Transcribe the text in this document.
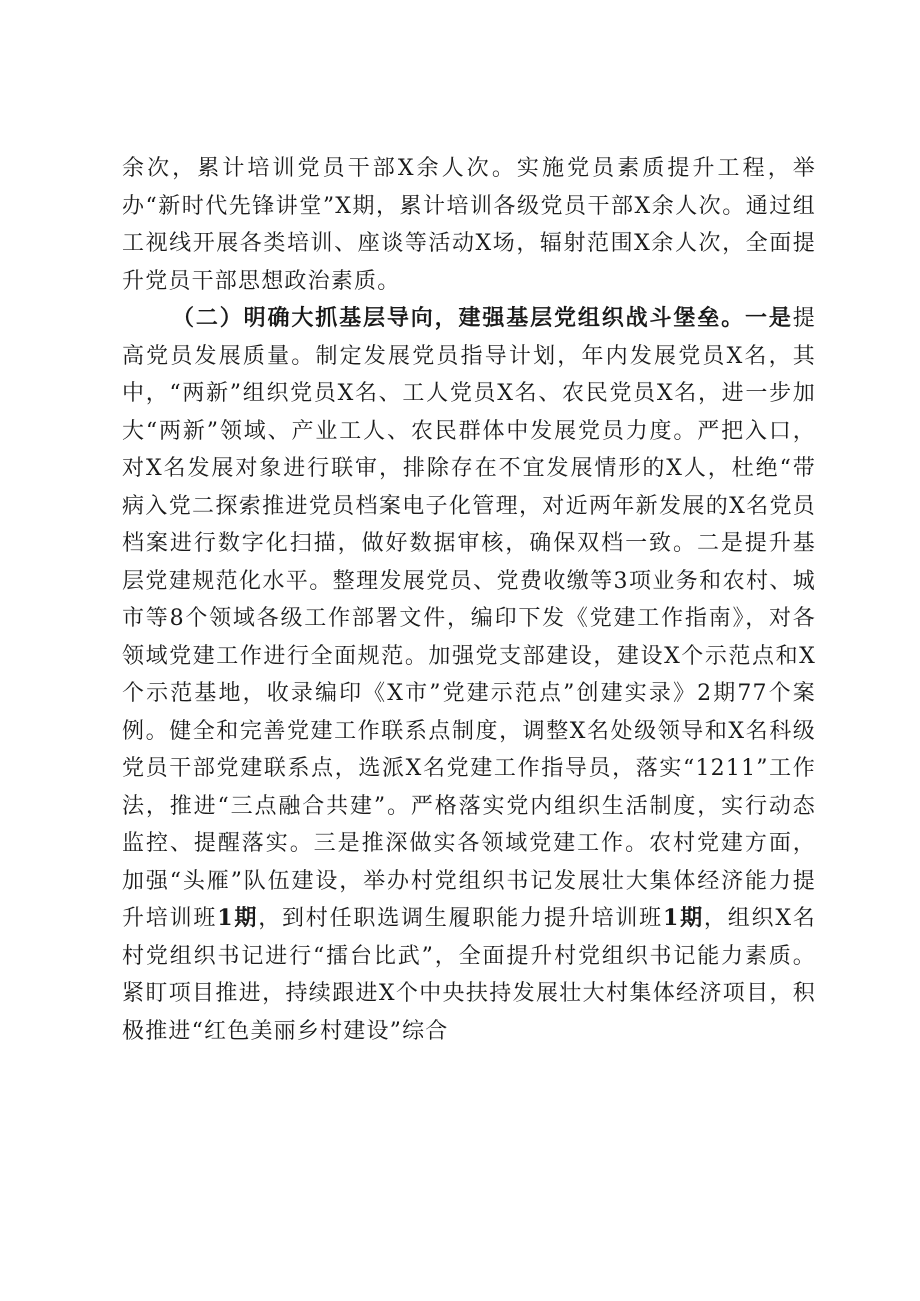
余次，累计培训党员干部X余人次。实施党员素质提升工程，举办“新时代先锋讲堂”X期，累计培训各级党员干部X余人次。通过组工视线开展各类培训、座谈等活动X场，辐射范围X余人次，全面提升党员干部思想政治素质。

（二）明确大抓基层导向，建强基层党组织战斗堡垒。一是提高党员发展质量。制定发展党员指导计划，年内发展党员X名，其中，“两新”组织党员X名、工人党员X名、农民党员X名，进一步加大“两新”领域、产业工人、农民群体中发展党员力度。严把入口，对X名发展对象进行联审，排除存在不宜发展情形的X人，杜绝“带病入党二探索推进党员档案电子化管理，对近两年新发展的X名党员档案进行数字化扫描，做好数据审核，确保双档一致。二是提升基层党建规范化水平。整理发展党员、党费收缴等3项业务和农村、城市等8个领域各级工作部署文件，编印下发《党建工作指南》，对各领域党建工作进行全面规范。加强党支部建设，建设X个示范点和X个示范基地，收录编印《X市”党建示范点”创建实录》2期77个案例。健全和完善党建工作联系点制度，调整X名处级领导和X名科级党员干部党建联系点，选派X名党建工作指导员，落实“1211”工作法，推进“三点融合共建”。严格落实党内组织生活制度，实行动态监控、提醒落实。三是推深做实各领域党建工作。农村党建方面，加强“头雁”队伍建设，举办村党组织书记发展壮大集体经济能力提升培训班1期，到村任职选调生履职能力提升培训班1期，组织X名村党组织书记进行“擂台比武”，全面提升村党组织书记能力素质。紧盯项目推进，持续跟进X个中央扶持发展壮大村集体经济项目，积极推进“红色美丽乡村建设”综合
